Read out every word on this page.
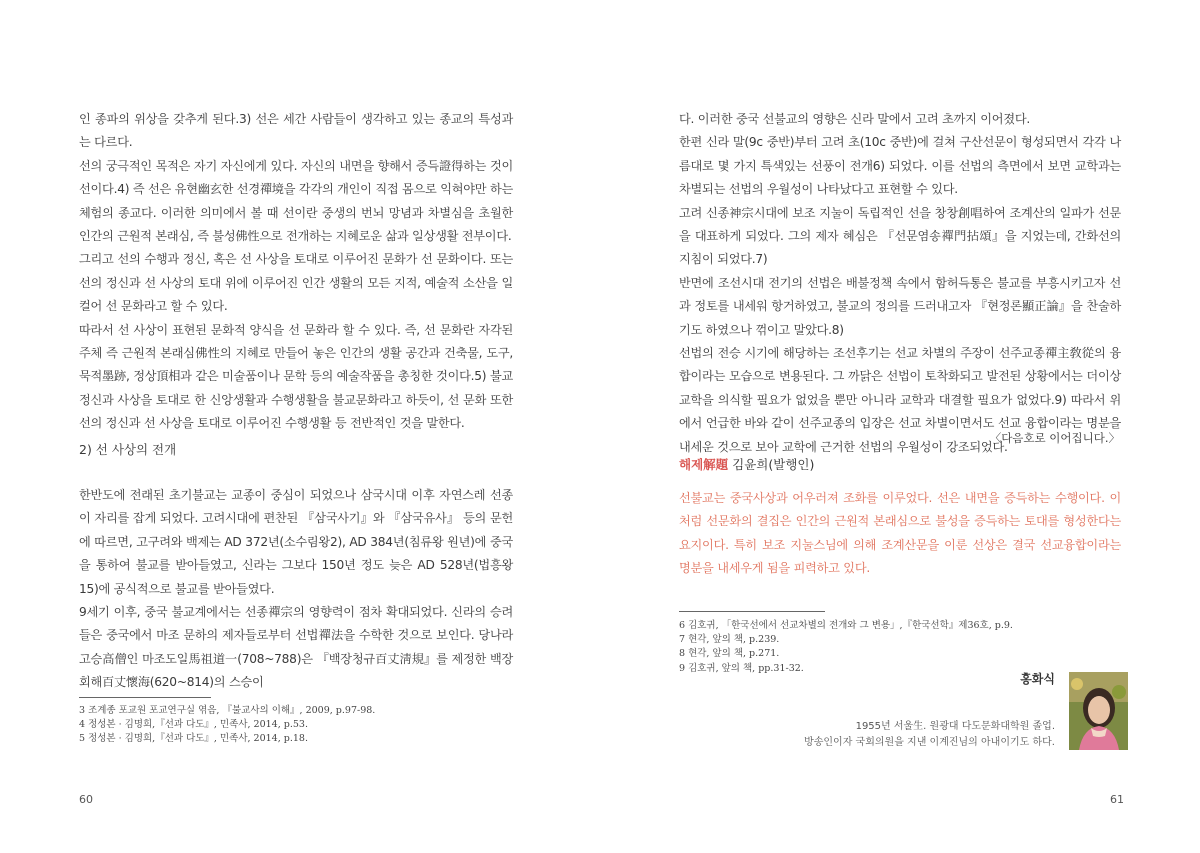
인 종파의 위상을 갖추게 된다.3) 선은 세간 사람들이 생각하고 있는 종교의 특성과는 다르다.

선의 궁극적인 목적은 자기 자신에게 있다. 자신의 내면을 향해서 증득證得하는 것이 선이다.4) 즉 선은 유현幽玄한 선경禪境을 각각의 개인이 직접 몸으로 익혀야만 하는 체험의 종교다. 이러한 의미에서 볼 때 선이란 중생의 번뇌 망념과 차별심을 초월한 인간의 근원적 본래심, 즉 불성佛性으로 전개하는 지혜로운 삶과 일상생활 전부이다.

그리고 선의 수행과 정신, 혹은 선 사상을 토대로 이루어진 문화가 선 문화이다. 또는 선의 정신과 선 사상의 토대 위에 이루어진 인간 생활의 모든 지적, 예술적 소산을 일컬어 선 문화라고 할 수 있다.

따라서 선 사상이 표현된 문화적 양식을 선 문화라 할 수 있다. 즉, 선 문화란 자각된 주체 즉 근원적 본래심佛性의 지혜로 만들어 놓은 인간의 생활 공간과 건축물, 도구, 묵적墨跡, 정상頂相과 같은 미술품이나 문학 등의 예술작품을 총칭한 것이다.5) 불교 정신과 사상을 토대로 한 신앙생활과 수행생활을 불교문화라고 하듯이, 선 문화 또한 선의 정신과 선 사상을 토대로 이루어진 수행생활 등 전반적인 것을 말한다.

2) 선 사상의 전개

한반도에 전래된 초기불교는 교종이 중심이 되었으나 삼국시대 이후 자연스레 선종이 자리를 잡게 되었다. 고려시대에 편찬된 『삼국사기』와 『삼국유사』 등의 문헌에 따르면, 고구려와 백제는 AD 372년(소수림왕2), AD 384년(침류왕 원년)에 중국을 통하여 불교를 받아들였고, 신라는 그보다 150년 정도 늦은 AD 528년(법흥왕15)에 공식적으로 불교를 받아들였다.

9세기 이후, 중국 불교계에서는 선종禪宗의 영향력이 점차 확대되었다. 신라의 승려들은 중국에서 마조 문하의 제자들로부터 선법禪法을 수학한 것으로 보인다. 당나라 고승高僧인 마조도일馬祖道一(708~788)은 『백장청규百丈淸規』를 제정한 백장회해百丈懷海(620~814)의 스승이

3 조계종 포교원 포교연구실 엮음, 『불교사의 이해』, 2009, p.97-98.
4 정성본 · 김명희,『선과 다도』, 민족사, 2014, p.53.
5 정성본 · 김명희,『선과 다도』, 민족사, 2014, p.18.
60

다. 이러한 중국 선불교의 영향은 신라 말에서 고려 초까지 이어졌다.

한편 신라 말(9c 중반)부터 고려 초(10c 중반)에 걸쳐 구산선문이 형성되면서 각각 나름대로 몇 가지 특색있는 선풍이 전개6) 되었다. 이를 선법의 측면에서 보면 교학과는 차별되는 선법의 우월성이 나타났다고 표현할 수 있다.

고려 신종神宗시대에 보조 지눌이 독립적인 선을 창창創唱하여 조계산의 일파가 선문을 대표하게 되었다. 그의 제자 혜심은 『선문염송禪門拈頌』을 지었는데, 간화선의 지침이 되었다.7)

반면에 조선시대 전기의 선법은 배불정책 속에서 함허득통은 불교를 부흥시키고자 선과 정토를 내세워 항거하였고, 불교의 정의를 드러내고자 『현정론顯正論』을 찬술하기도 하였으나 꺾이고 말았다.8)

선법의 전승 시기에 해당하는 조선후기는 선교 차별의 주장이 선주교종禪主敎從의 융합이라는 모습으로 변용된다. 그 까닭은 선법이 토착화되고 발전된 상황에서는 더이상 교학을 의식할 필요가 없었을 뿐만 아니라 교학과 대결할 필요가 없었다.9) 따라서 위에서 언급한 바와 같이 선주교종의 입장은 선교 차별이면서도 선교 융합이라는 명분을 내세운 것으로 보아 교학에 근거한 선법의 우월성이 강조되었다.

〈다음호로 이어집니다.〉
해제解題 김윤희(발행인)
선불교는 중국사상과 어우러져 조화를 이루었다. 선은 내면을 증득하는 수행이다. 이처럼 선문화의 결집은 인간의 근원적 본래심으로 불성을 증득하는 토대를 형성한다는 요지이다. 특히 보조 지눌스님에 의해 조계산문을 이룬 선상은 결국 선교융합이라는 명분을 내세우게 됨을 피력하고 있다.
6 김호귀, 「한국선에서 선교차별의 전개와 그 변용」,『한국선학』제36호, p.9.
7 현각, 앞의 책, p.239.
8 현각, 앞의 책, p.271.
9 김호귀, 앞의 책, pp.31-32.
홍화식
1955년 서울生. 원광대 다도문화대학원 졸업.
방송인이자 국회의원을 지낸 이계진님의 아내이기도 하다.
61
